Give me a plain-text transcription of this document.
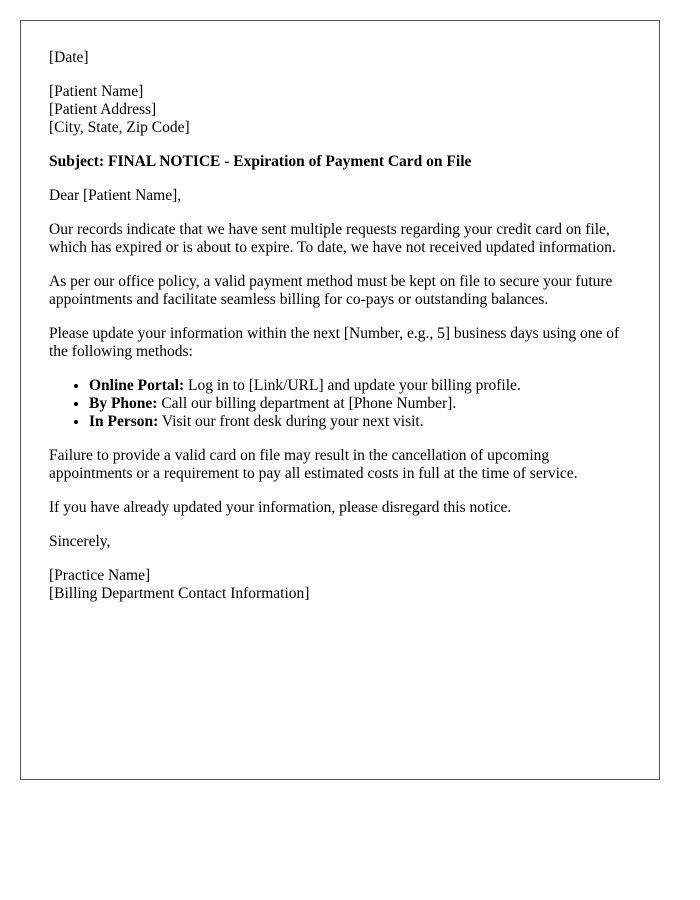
[Date]
[Patient Name]
[Patient Address]
[City, State, Zip Code]

Subject: FINAL NOTICE - Expiration of Payment Card on File

Dear [Patient Name],

Our records indicate that we have sent multiple requests regarding your credit card on file, which has expired or is about to expire. To date, we have not received updated information.

As per our office policy, a valid payment method must be kept on file to secure your future appointments and facilitate seamless billing for co-pays or outstanding balances.

Please update your information within the next [Number, e.g., 5] business days using one of the following methods:

• Online Portal: Log in to [Link/URL] and update your billing profile.
• By Phone: Call our billing department at [Phone Number].
• In Person: Visit our front desk during your next visit.

Failure to provide a valid card on file may result in the cancellation of upcoming appointments or a requirement to pay all estimated costs in full at the time of service.

If you have already updated your information, please disregard this notice.

Sincerely,

[Practice Name]
[Billing Department Contact Information]
